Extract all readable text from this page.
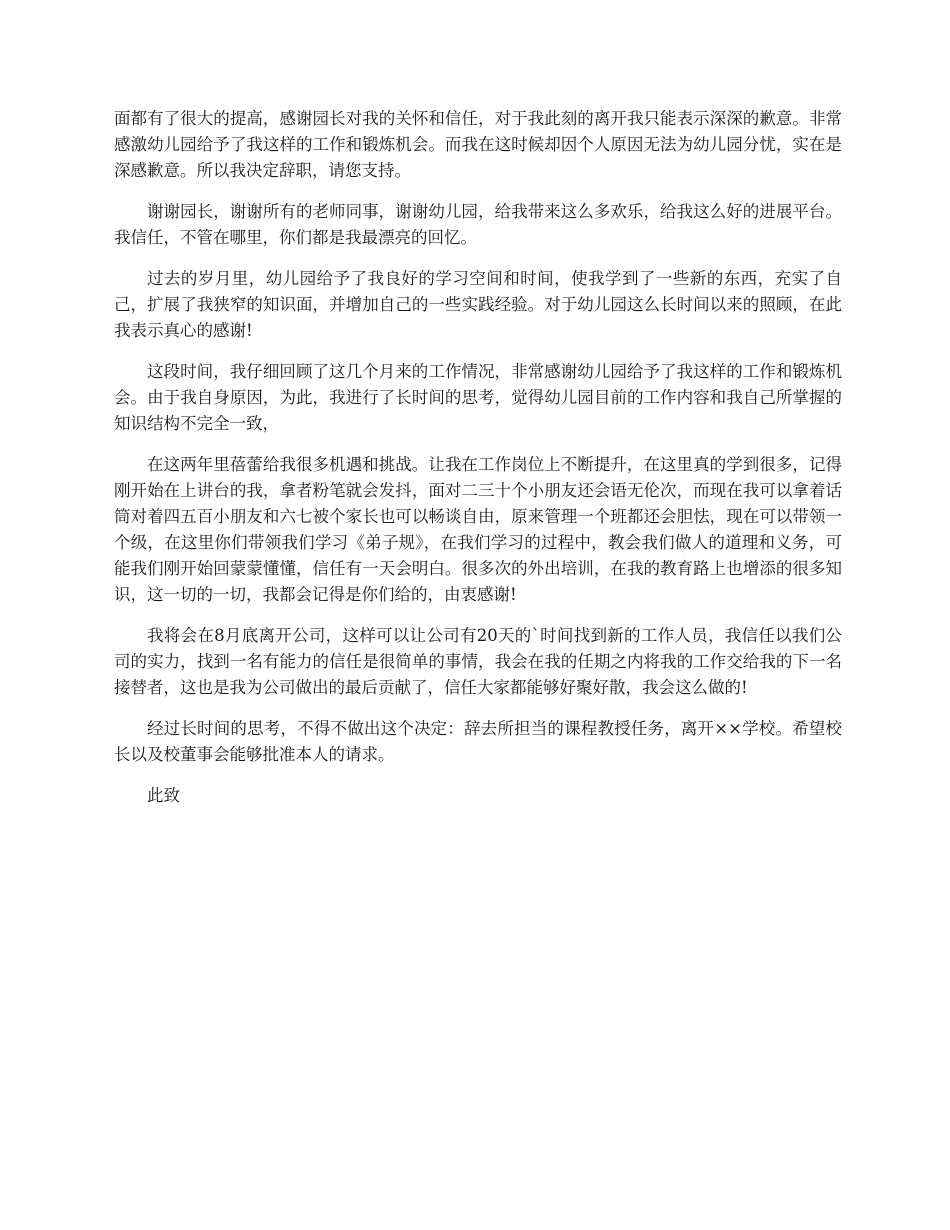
面都有了很大的提高，感谢园长对我的关怀和信任，对于我此刻的离开我只能表示深深的歉意。非常感激幼儿园给予了我这样的工作和锻炼机会。而我在这时候却因个人原因无法为幼儿园分忧，实在是深感歉意。所以我决定辞职，请您支持。

谢谢园长，谢谢所有的老师同事，谢谢幼儿园，给我带来这么多欢乐，给我这么好的进展平台。我信任，不管在哪里，你们都是我最漂亮的回忆。

过去的岁月里，幼儿园给予了我良好的学习空间和时间，使我学到了一些新的东西，充实了自己，扩展了我狭窄的知识面，并增加自己的一些实践经验。对于幼儿园这么长时间以来的照顾，在此我表示真心的感谢!

这段时间，我仔细回顾了这几个月来的工作情况，非常感谢幼儿园给予了我这样的工作和锻炼机会。由于我自身原因，为此，我进行了长时间的思考，觉得幼儿园目前的工作内容和我自己所掌握的知识结构不完全一致，

在这两年里蓓蕾给我很多机遇和挑战。让我在工作岗位上不断提升，在这里真的学到很多，记得刚开始在上讲台的我，拿者粉笔就会发抖，面对二三十个小朋友还会语无伦次，而现在我可以拿着话筒对着四五百小朋友和六七被个家长也可以畅谈自由，原来管理一个班都还会胆怯，现在可以带领一个级，在这里你们带领我们学习《弟子规》，在我们学习的过程中，教会我们做人的道理和义务，可能我们刚开始回蒙蒙懂懂，信任有一天会明白。很多次的外出培训，在我的教育路上也增添的很多知识，这一切的一切，我都会记得是你们给的，由衷感谢!

我将会在8月底离开公司，这样可以让公司有20天的`时间找到新的工作人员，我信任以我们公司的实力，找到一名有能力的信任是很简单的事情，我会在我的任期之内将我的工作交给我的下一名接替者，这也是我为公司做出的最后贡献了，信任大家都能够好聚好散，我会这么做的!

经过长时间的思考，不得不做出这个决定：辞去所担当的课程教授任务，离开××学校。希望校长以及校董事会能够批准本人的请求。

此致
